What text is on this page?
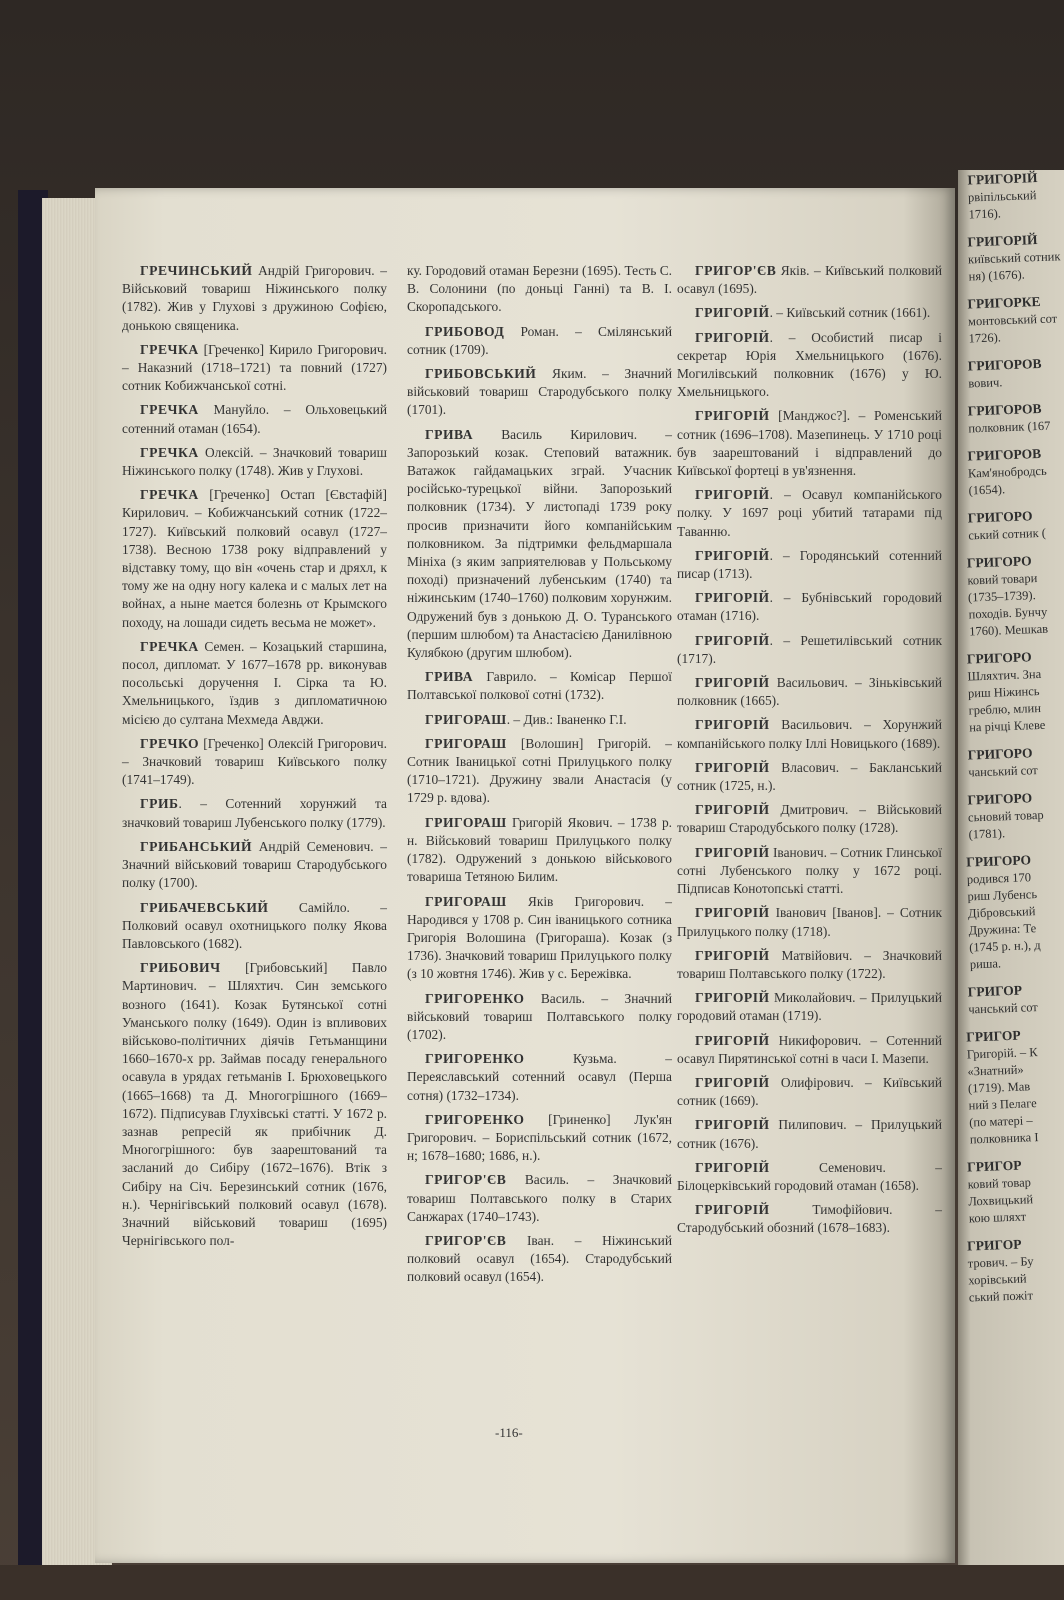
ГРЕЧИНСЬКИЙ Андрій Григорович. – Військовий товариш Ніжинського полку (1782). Жив у Глухові з дружиною Софією, донькою священика.

ГРЕЧКА [Греченко] Кирило Григорович. – Наказний (1718–1721) та повний (1727) сотник Кобижчанської сотні.

ГРЕЧКА Мануйло. – Ольховецький сотенний отаман (1654).

ГРЕЧКА Олексій. – Значковий товариш Ніжинського полку (1748). Жив у Глухові.

ГРЕЧКА [Греченко] Остап [Євстафій] Кирилович. – Кобижчанський сотник (1722–1727). Київський полковий осавул (1727–1738). Весною 1738 року відправлений у відставку тому, що він «очень стар и дряхл, к тому же на одну ногу калека и с малых лет на войнах, а ныне мается болезнь от Крымского походу, на лошади сидеть весьма не может».

ГРЕЧКА Семен. – Козацький старшина, посол, дипломат. У 1677–1678 рр. виконував посольські доручення І. Сірка та Ю. Хмельницького, їздив з дипломатичною місією до султана Мехмеда Авджи.

ГРЕЧКО [Греченко] Олексій Григорович. – Значковий товариш Київського полку (1741–1749).

ГРИБ. – Сотенний хорунжий та значковий товариш Лубенського полку (1779).

ГРИБАНСЬКИЙ Андрій Семенович. – Значний військовий товариш Стародубського полку (1700).

ГРИБАЧЕВСЬКИЙ Самійло. – Полковий осавул охотницького полку Якова Павловського (1682).

ГРИБОВИЧ [Грибовський] Павло Мартинович. – Шляхтич. Син земського возного (1641). Козак Бутянської сотні Уманського полку (1649). Один із впливових військово-політичних діячів Гетьманщини 1660–1670-х рр. Займав посаду генерального осавула в урядах гетьманів І. Брюховецького (1665–1668) та Д. Многогрішного (1669–1672). Підписував Глухівські статті. У 1672 р. зазнав репресій як прибічник Д. Многогрішного: був заарештований та засланий до Сибіру (1672–1676). Втік з Сибіру на Січ. Березинський сотник (1676, н.). Чернігівський полковий осавул (1678). Значний військовий товариш (1695) Чернігівського пол-

ку. Городовий отаман Березни (1695). Тесть С. В. Солонини (по доньці Ганні) та В. І. Скоропадського.

ГРИБОВОД Роман. – Смілянський сотник (1709).

ГРИБОВСЬКИЙ Яким. – Значний військовий товариш Стародубського полку (1701).

ГРИВА Василь Кирилович. – Запорозький козак. Степовий ватажник. Ватажок гайдамацьких зграй. Учасник російсько-турецької війни. Запорозький полковник (1734). У листопаді 1739 року просив призначити його компанійським полковником. За підтримки фельдмаршала Мініха (з яким заприятелював у Польському поході) призначений лубенським (1740) та ніжинським (1740–1760) полковим хорунжим. Одружений був з донькою Д. О. Туранського (першим шлюбом) та Анастасією Данилівною Кулябкою (другим шлюбом).

ГРИВА Гаврило. – Комісар Першої Полтавської полкової сотні (1732).

ГРИГОРАШ. – Див.: Іваненко Г.І.

ГРИГОРАШ [Волошин] Григорій. – Сотник Іваницької сотні Прилуцького полку (1710–1721). Дружину звали Анастасія (у 1729 р. вдова).

ГРИГОРАШ Григорій Якович. – 1738 р. н. Військовий товариш Прилуцького полку (1782). Одружений з донькою військового товариша Тетяною Билим.

ГРИГОРАШ Яків Григорович. – Народився у 1708 р. Син іваницького сотника Григорія Волошина (Григораша). Козак (з 1736). Значковий товариш Прилуцького полку (з 10 жовтня 1746). Жив у с. Бережівка.

ГРИГОРЕНКО Василь. – Значний військовий товариш Полтавського полку (1702).

ГРИГОРЕНКО Кузьма. – Переяславський сотенний осавул (Перша сотня) (1732–1734).

ГРИГОРЕНКО [Гриненко] Лук'ян Григорович. – Бориспільський сотник (1672, н; 1678–1680; 1686, н.).

ГРИГОР'ЄВ Василь. – Значковий товариш Полтавського полку в Старих Санжарах (1740–1743).

ГРИГОР'ЄВ Іван. – Ніжинський полковий осавул (1654). Стародубський полковий осавул (1654).

ГРИГОР'ЄВ Яків. – Київський полковий осавул (1695).

ГРИГОРІЙ. – Київський сотник (1661).

ГРИГОРІЙ. – Особистий писар і секретар Юрія Хмельницького (1676). Могилівський полковник (1676) у Ю. Хмельницького.

ГРИГОРІЙ [Манджос?]. – Роменський сотник (1696–1708). Мазепинець. У 1710 році був заарештований і відправлений до Київської фортеці в ув'язнення.

ГРИГОРІЙ. – Осавул компанійського полку. У 1697 році убитий татарами під Таванню.

ГРИГОРІЙ. – Городянський сотенний писар (1713).

ГРИГОРІЙ. – Бубнівський городовий отаман (1716).

ГРИГОРІЙ. – Решетилівський сотник (1717).

ГРИГОРІЙ Васильович. – Зіньківський полковник (1665).

ГРИГОРІЙ Васильович. – Хорунжий компанійського полку Іллі Новицького (1689).

ГРИГОРІЙ Власович. – Бакланський сотник (1725, н.).

ГРИГОРІЙ Дмитрович. – Військовий товариш Стародубського полку (1728).

ГРИГОРІЙ Іванович. – Сотник Глинської сотні Лубенського полку у 1672 році. Підписав Конотопські статті.

ГРИГОРІЙ Іванович [Іванов]. – Сотник Прилуцького полку (1718).

ГРИГОРІЙ Матвійович. – Значковий товариш Полтавського полку (1722).

ГРИГОРІЙ Миколайович. – Прилуцький городовий отаман (1719).

ГРИГОРІЙ Никифорович. – Сотенний осавул Пирятинської сотні в часи І. Мазепи.

ГРИГОРІЙ Олифірович. – Київський сотник (1669).

ГРИГОРІЙ Пилипович. – Прилуцький сотник (1676).

ГРИГОРІЙ Семенович. – Білоцерківський городовий отаман (1658).

ГРИГОРІЙ Тимофійович. – Стародубський обозний (1678–1683).

-116-
ГРИГОРІЙ

рвіпільський
1716).
ГРИГОРІЙ

київський сотник
ня) (1676).
ГРИГОРКЕ

монтовський сот
1726).
ГРИГОРОВ

вович.
ГРИГОРОВ

полковник (167
ГРИГОРОВ

Кам'янобродсь
(1654).
ГРИГОРО

ський сотник (
ГРИГОРО

ковий товари
(1735–1739).
походів. Бунчу
1760). Мешкав
ГРИГОРО

Шляхтич. Зна
риш Ніжинсь
греблю, млин
на річці Клеве
ГРИГОРО

чанський сот
ГРИГОРО

сьновий товар
(1781).
ГРИГОРО

родився 170
риш Лубенсь
Дібровський
Дружина: Те
(1745 р. н.), д
риша.
ГРИГОР

чанський сот
ГРИГОР

Григорій. – К
«Знатний»
(1719). Мав
ний з Пелаге
(по матері –
полковника І
ГРИГОР

ковий товар
Лохвицький
кою шляхт
ГРИГОР

трович. – Бу
хорівський
ський пожіт
